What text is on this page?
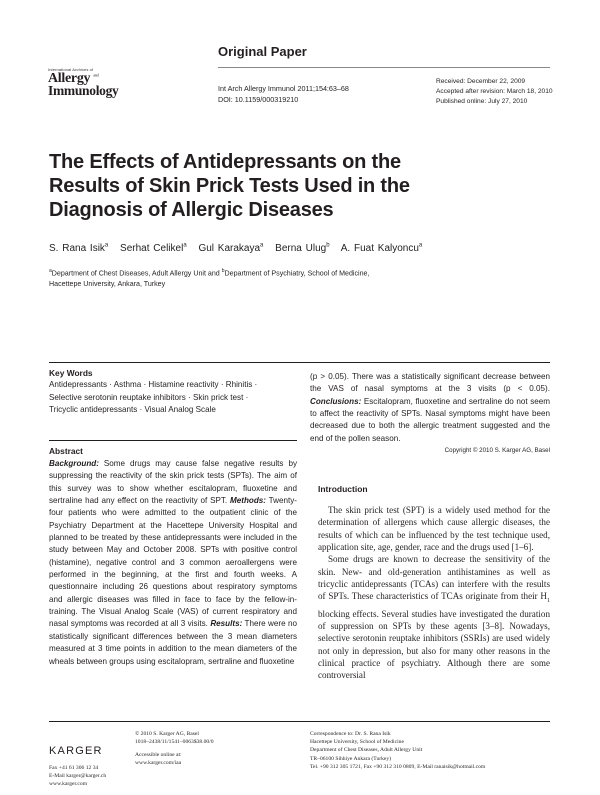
Original Paper
International Archives of
Allergy $^{and}$
Immunology	Int Arch Allergy Immunol 2011;154:63–68
DOI: 10.1159/000319210
Received: December 22, 2009
Accepted after revision: March 18, 2010
Published online: July 27, 2010
The Effects of Antidepressants on the Results of Skin Prick Tests Used in the Diagnosis of Allergic Diseases
S. Rana Isik$^a$ Serhat Celikel$^a$ Gul Karakaya$^a$ Berna Ulug$^b$ A. Fuat Kalyoncu$^a$
$^a$Department of Chest Diseases, Adult Allergy Unit and $^b$Department of Psychiatry, School of Medicine,
Hacettepe University, Ankara, Turkey
Key Words
Antidepressants · Asthma · Histamine reactivity · Rhinitis ·
Selective serotonin reuptake inhibitors · Skin prick test ·
Tricyclic antidepressants · Visual Analog Scale
Abstract
Background: Some drugs may cause false negative results by suppressing the reactivity of the skin prick tests (SPTs). The aim of this survey was to show whether escitalopram, fluoxetine and sertraline had any effect on the reactivity of SPT. Methods: Twenty-four patients who were admitted to the outpatient clinic of the Psychiatry Department at the Hacettepe University Hospital and planned to be treated by these antidepressants were included in the study between May and October 2008. SPTs with positive control (histamine), negative control and 3 common aeroallergens were performed in the beginning, at the first and fourth weeks. A questionnaire including 26 questions about respiratory symptoms and allergic diseases was filled in face to face by the fellow-in-training. The Visual Analog Scale (VAS) of current respiratory and nasal symptoms was recorded at all 3 visits. Results: There were no statistically significant differences between the 3 mean diameters measured at 3 time points in addition to the mean diameters of the wheals between groups using escitalopram, sertraline and fluoxetine
(p > 0.05). There was a statistically significant decrease between the VAS of nasal symptoms at the 3 visits (p < 0.05). Conclusions: Escitalopram, fluoxetine and sertraline do not seem to affect the reactivity of SPTs. Nasal symptoms might have been decreased due to both the allergic treatment suggested and the end of the pollen season.
Copyright © 2010 S. Karger AG, Basel
Introduction

The skin prick test (SPT) is a widely used method for the determination of allergens which cause allergic diseases, the results of which can be influenced by the test technique used, application site, age, gender, race and the drugs used [1–6].

Some drugs are known to decrease the sensitivity of the skin. New- and old-generation antihistamines as well as tricyclic antidepressants (TCAs) can interfere with the results of SPTs. These characteristics of TCAs originate from their $H_1$ blocking effects. Several studies have investigated the duration of suppression on SPTs by these agents [3–8]. Nowadays, selective serotonin reuptake inhibitors (SSRIs) are used widely not only in depression, but also for many other reasons in the clinical practice of psychiatry. Although there are some controversial

KARGER
Fax +41 61 306 12 34
E-Mail karger@karger.ch
www.karger.com
© 2010 S. Karger AG, Basel
1018–2438/11/1541–0063$38.00/0
Accessible online at:
www.karger.com/iaa
Correspondence to: Dr. S. Rana Isik
Hacettepe University, School of Medicine
Department of Chest Diseases, Adult Allergy Unit
TR–06100 Sihhiye Ankara (Turkey)
Tel. +90 312 305 1721, Fax +90 312 310 0809, E-Mail ranaisik@hotmail.com
